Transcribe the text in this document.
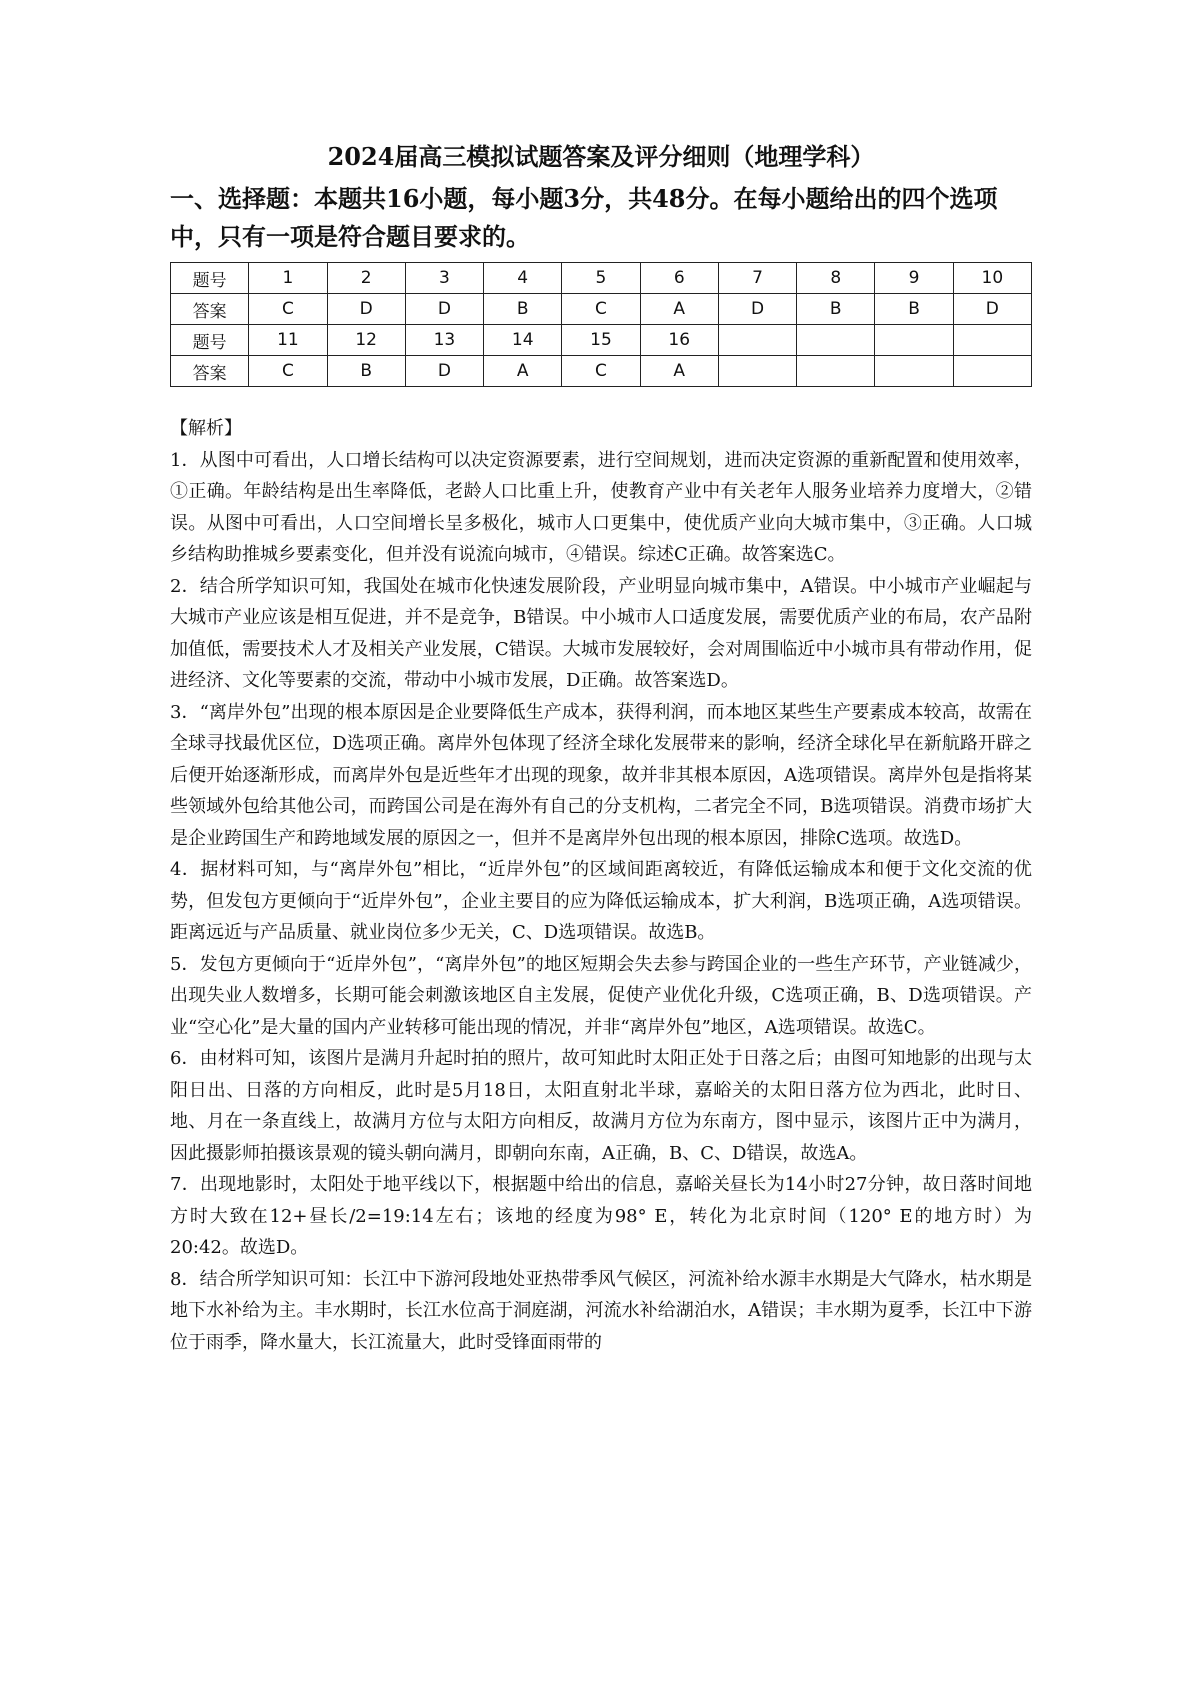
2024届高三模拟试题答案及评分细则（地理学科）
一、选择题：本题共16小题，每小题3分，共48分。在每小题给出的四个选项中，只有一项是符合题目要求的。
题号	1	2	3	4	5	6	7	8	9	10
答案	C	D	D	B	C	A	D	B	B	D
题号	11	12	13	14	15	16				
答案	C	B	D	A	C	A				

【解析】

1．从图中可看出，人口增长结构可以决定资源要素，进行空间规划，进而决定资源的重新配置和使用效率，①正确。年龄结构是出生率降低，老龄人口比重上升，使教育产业中有关老年人服务业培养力度增大，②错误。从图中可看出，人口空间增长呈多极化，城市人口更集中，使优质产业向大城市集中，③正确。人口城乡结构助推城乡要素变化，但并没有说流向城市，④错误。综述C正确。故答案选C。

2．结合所学知识可知，我国处在城市化快速发展阶段，产业明显向城市集中，A错误。中小城市产业崛起与大城市产业应该是相互促进，并不是竞争，B错误。中小城市人口适度发展，需要优质产业的布局，农产品附加值低，需要技术人才及相关产业发展，C错误。大城市发展较好，会对周围临近中小城市具有带动作用，促进经济、文化等要素的交流，带动中小城市发展，D正确。故答案选D。

3．“离岸外包”出现的根本原因是企业要降低生产成本，获得利润，而本地区某些生产要素成本较高，故需在全球寻找最优区位，D选项正确。离岸外包体现了经济全球化发展带来的影响，经济全球化早在新航路开辟之后便开始逐渐形成，而离岸外包是近些年才出现的现象，故并非其根本原因，A选项错误。离岸外包是指将某些领域外包给其他公司，而跨国公司是在海外有自己的分支机构，二者完全不同，B选项错误。消费市场扩大是企业跨国生产和跨地域发展的原因之一，但并不是离岸外包出现的根本原因，排除C选项。故选D。

4．据材料可知，与“离岸外包”相比，“近岸外包”的区域间距离较近，有降低运输成本和便于文化交流的优势，但发包方更倾向于“近岸外包”，企业主要目的应为降低运输成本，扩大利润，B选项正确，A选项错误。距离远近与产品质量、就业岗位多少无关，C、D选项错误。故选B。

5．发包方更倾向于“近岸外包”，“离岸外包”的地区短期会失去参与跨国企业的一些生产环节，产业链减少，出现失业人数增多，长期可能会刺激该地区自主发展，促使产业优化升级，C选项正确，B、D选项错误。产业“空心化”是大量的国内产业转移可能出现的情况，并非“离岸外包”地区，A选项错误。故选C。

6．由材料可知，该图片是满月升起时拍的照片，故可知此时太阳正处于日落之后；由图可知地影的出现与太阳日出、日落的方向相反，此时是5月18日，太阳直射北半球，嘉峪关的太阳日落方位为西北，此时日、地、月在一条直线上，故满月方位与太阳方向相反，故满月方位为东南方，图中显示，该图片正中为满月，因此摄影师拍摄该景观的镜头朝向满月，即朝向东南，A正确，B、C、D错误，故选A。

7．出现地影时，太阳处于地平线以下，根据题中给出的信息，嘉峪关昼长为14小时27分钟，故日落时间地方时大致在12+昼长/2=19:14左右；该地的经度为98° E，转化为北京时间（120° E的地方时）为20:42。故选D。

8．结合所学知识可知：长江中下游河段地处亚热带季风气候区，河流补给水源丰水期是大气降水，枯水期是地下水补给为主。丰水期时，长江水位高于洞庭湖，河流水补给湖泊水，A错误；丰水期为夏季，长江中下游位于雨季，降水量大，长江流量大，此时受锋面雨带的
